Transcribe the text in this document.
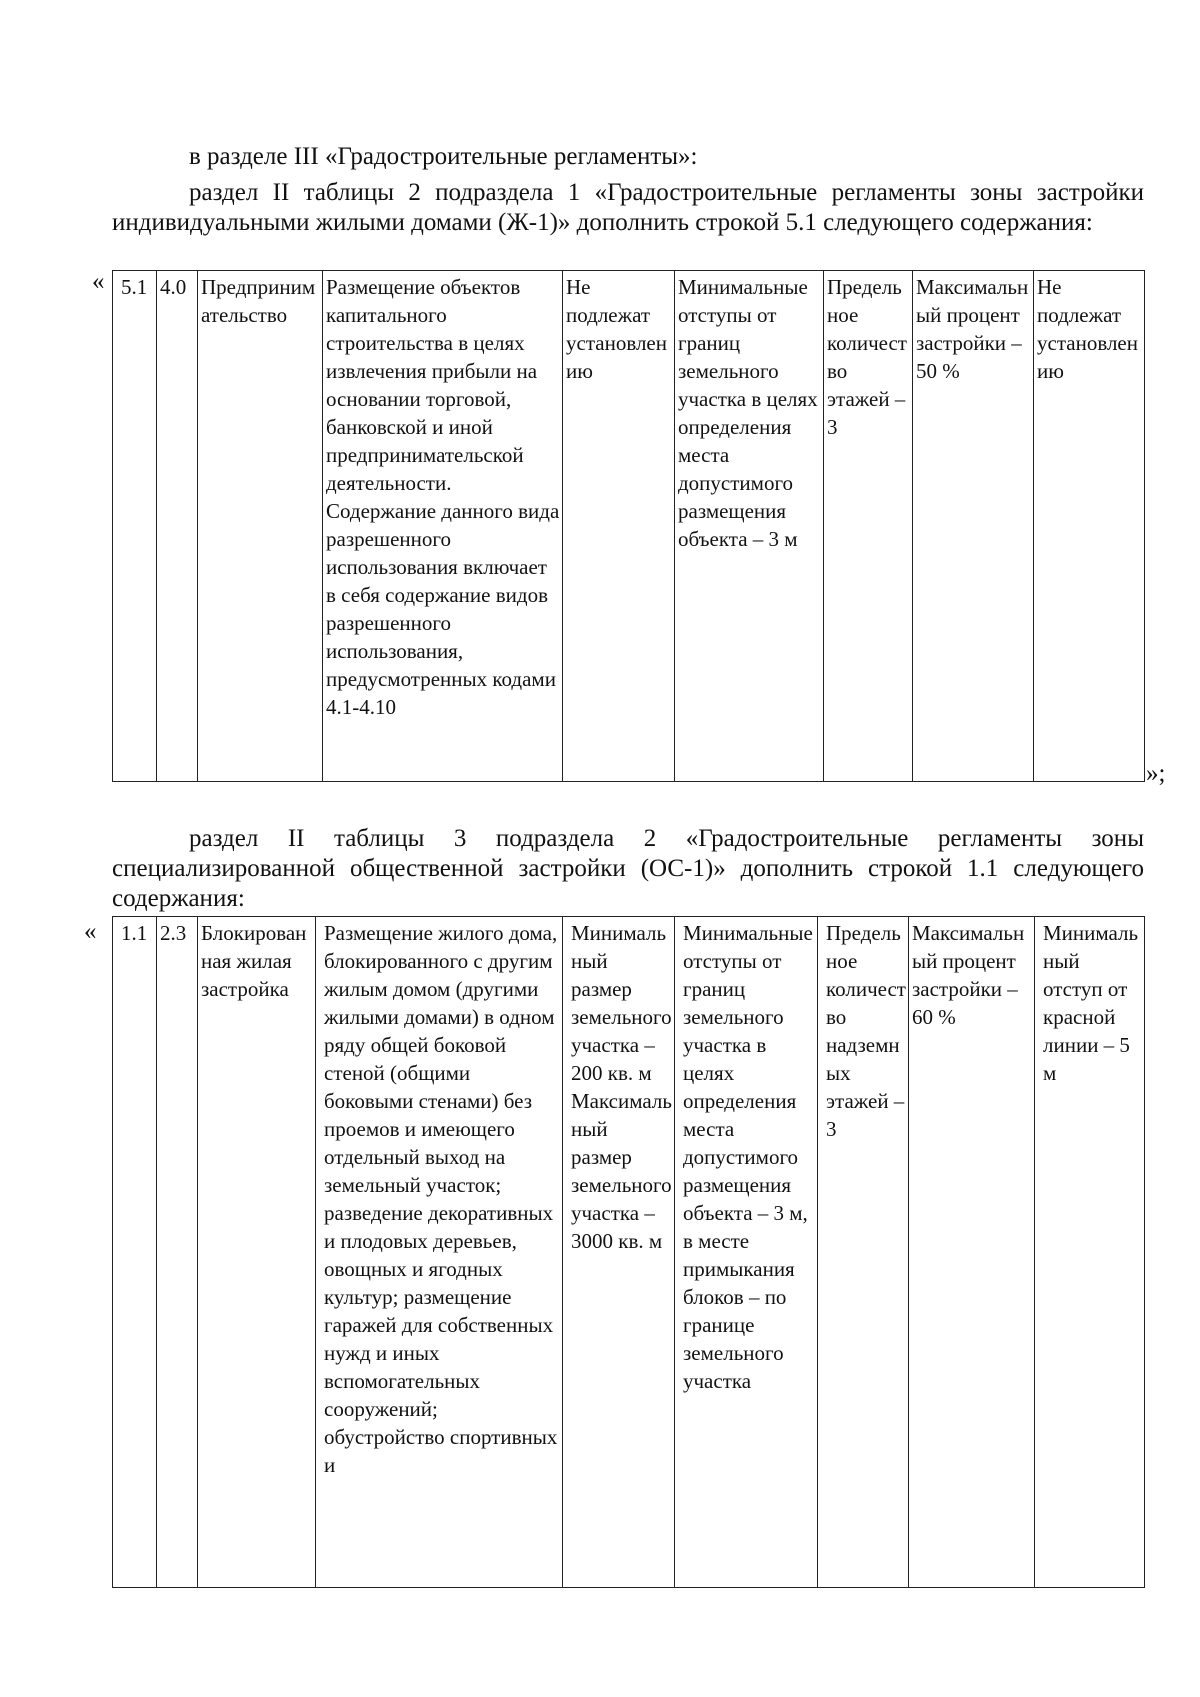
в разделе III «Градостроительные регламенты»:

раздел II таблицы 2 подраздела 1 «Градостроительные регламенты зоны застройки индивидуальными жилыми домами (Ж-1)» дополнить строкой 5.1 следующего содержания:

« 5.1	4.0	Предпринимательство	Размещение объектов капитального строительства в целях извлечения прибыли на основании торговой, банковской и иной предпринимательской деятельности. Содержание данного вида разрешенного использования включает в себя содержание видов разрешенного использования, предусмотренных кодами 4.1-4.10	Не подлежат установлению	Минимальные отступы от границ земельного участка в целях определения места допустимого размещения объекта – 3 м	Предельное количество этажей – 3	Максимальный процент застройки – 50 %	Не подлежат установлению
»;

раздел II таблицы 3 подраздела 2 «Градостроительные регламенты зоны специализированной общественной застройки (ОС-1)» дополнить строкой 1.1 следующего содержания:

« 1.1	2.3	Блокированная жилая застройка	Размещение жилого дома, блокированного с другим жилым домом (другими жилыми домами) в одном ряду общей боковой стеной (общими боковыми стенами) без проемов и имеющего отдельный выход на земельный участок; разведение декоративных и плодовых деревьев, овощных и ягодных культур; размещение гаражей для собственных нужд и иных вспомогательных сооружений; обустройство спортивных и	Минимальный размер земельного участка – 200 кв. м Максимальный размер земельного участка – 3000 кв. м	Минимальные отступы от границ земельного участка в целях определения места допустимого размещения объекта – 3 м, в месте примыкания блоков – по границе земельного участка	Предельное количество надземных этажей – 3	Максимальный процент застройки – 60 %	Минимальный отступ от красной линии – 5 м
